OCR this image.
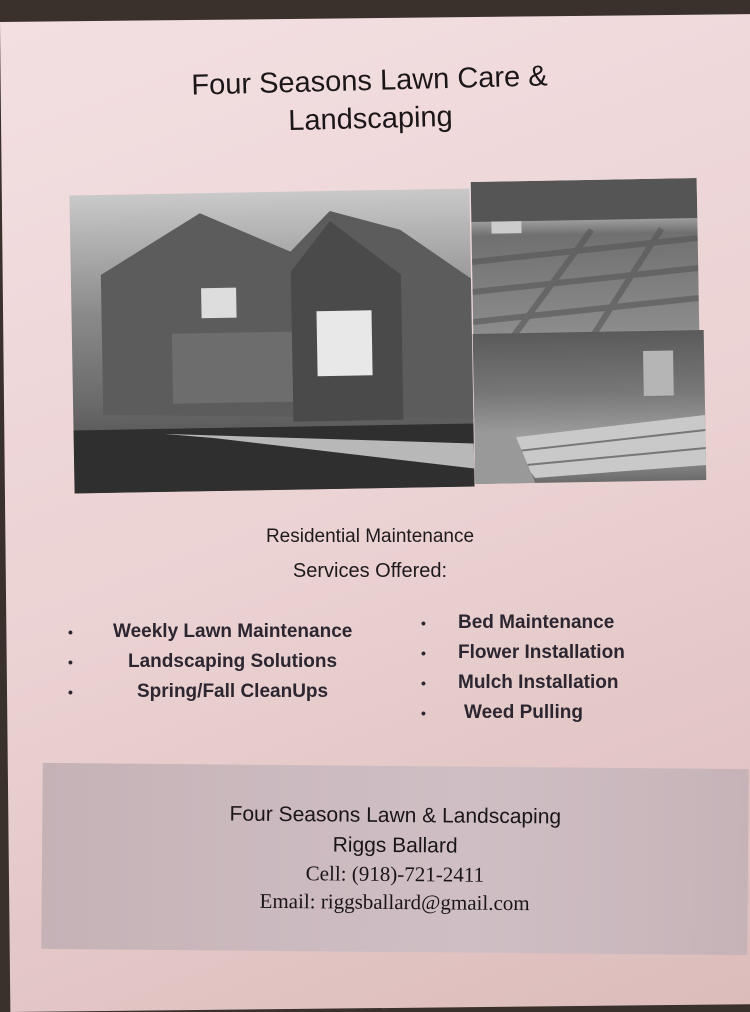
Four Seasons Lawn Care &
Landscaping
Residential Maintenance
Services Offered:
• Weekly Lawn Maintenance
•	Landscaping Solutions
•	Spring/Fall CleanUps
• Bed Maintenance
• Flower Installation
• Mulch Installation
• Weed Pulling
Four Seasons Lawn & Landscaping
Riggs Ballard
Cell: (918)-721-2411
Email: riggsballard@gmail.com
